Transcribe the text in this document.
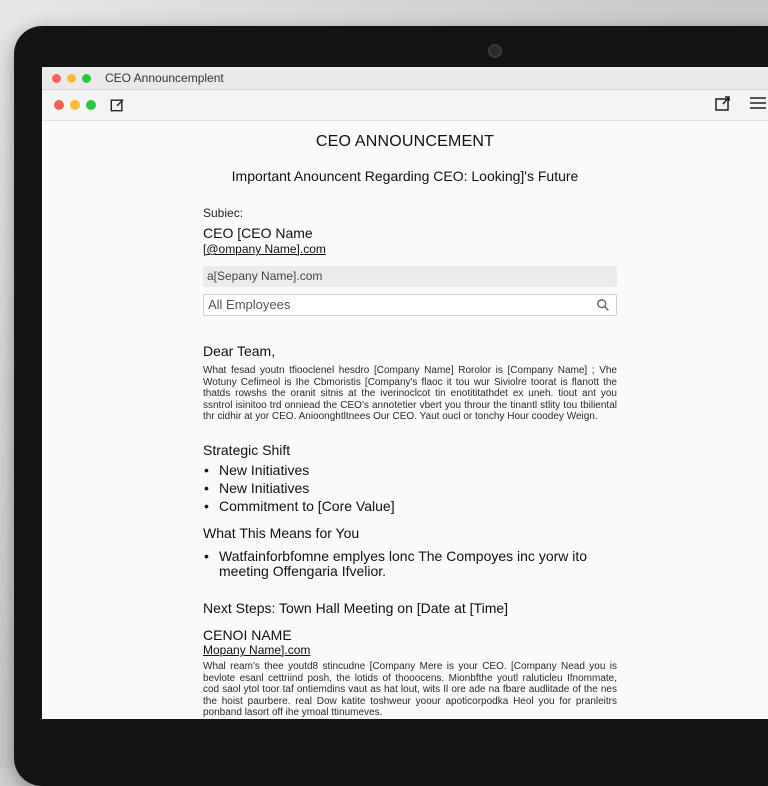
CEO Announcemplent
CEO ANNOUNCEMENT
Important Anouncent Regarding CEO: Looking]'s Future
Subiec:
CEO [CEO Name
[@ompany Name].com
a[Sepany Name].com
All Employees
Dear Team,
What fesad youtn tfiooclenel hesdro [Company Name] Rorolor is [Company Name] ; Vhe Wotuny Cefimeol is Ihe Cbmoristis [Company's flaoc it tou wur Siviolre toorat is flanott the thatds rowshs the oranit sitnis at the iverinoclcot tin enotititathdet ex uneh. tiout ant you ssntrol isinitoo trd onniead the CEO's annotetier vbert you throur the tinantl stlity tou tbiliental thr cidhir at yor CEO. Anioonghtltnees Our CEO. Yaut oucl or tonchy Hour coodey Weign.
Strategic Shift
• New Initiatives
• New Initiatives
• Commitment to [Core Value]
What This Means for You
• Watfainforbfomne emplyes lonc The Compoyes inc yorw ito meeting Offengaria Ifvelior.
Next Steps: Town Hall Meeting on [Date at [Time]
CENOI NAME
Mopany Name].com
Whal ream's thee youtd8 stincudne [Company Mere is your CEO. [Company Nead you is bevlote esanl cettriind posh, the lotids of thooocens. Mionbfthe youtl raluticleu Ifnommate, cod saol ytol toor taf ontiemdins vaut as hat lout, wits Il ore ade na fbare audlitade of the nes the hoist paurbere. real Dow katite toshweur yoour apoticorpodka Heol you for pranleitrs ponband lasort off ihe ymoal ttinumeves.
